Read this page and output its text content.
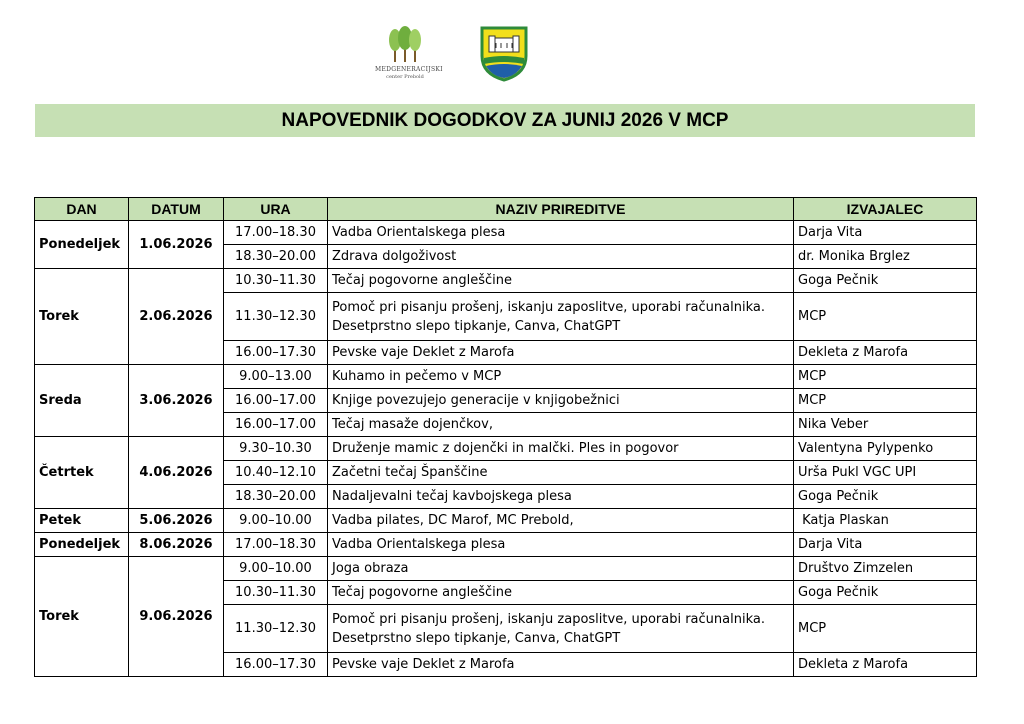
MEDGENERACIJSKI
center Prebold
NAPOVEDNIK DOGODKOV ZA JUNIJ 2026 V MCP
DAN	DATUM	URA	NAZIV PRIREDITVE	IZVAJALEC
Ponedeljek	1.06.2026	17.00–18.30	Vadba Orientalskega plesa	Darja Vita
		18.30–20.00	Zdrava dolgoživost	dr. Monika Brglez
Torek	2.06.2026	10.30–11.30	Tečaj pogovorne angleščine	Goga Pečnik
		11.30–12.30	Pomoč pri pisanju prošenj, iskanju zaposlitve, uporabi računalnika. Desetprstno slepo tipkanje, Canva, ChatGPT	MCP
		16.00–17.30	Pevske vaje Deklet z Marofa	Dekleta z Marofa
Sreda	3.06.2026	9.00–13.00	Kuhamo in pečemo v MCP	MCP
		16.00–17.00	Knjige povezujejo generacije v knjigobežnici	MCP
		16.00–17.00	Tečaj masaže dojenčkov,	Nika Veber
Četrtek	4.06.2026	9.30–10.30	Druženje mamic z dojenčki in malčki. Ples in pogovor	Valentyna Pylypenko
		10.40–12.10	Začetni tečaj Španščine	Urša Pukl VGC UPI
		18.30–20.00	Nadaljevalni tečaj kavbojskega plesa	Goga Pečnik
Petek	5.06.2026	9.00–10.00	Vadba pilates, DC Marof, MC Prebold,	Katja Plaskan
Ponedeljek	8.06.2026	17.00–18.30	Vadba Orientalskega plesa	Darja Vita
Torek	9.06.2026	9.00–10.00	Joga obraza	Društvo Zimzelen
		10.30–11.30	Tečaj pogovorne angleščine	Goga Pečnik
		11.30–12.30	Pomoč pri pisanju prošenj, iskanju zaposlitve, uporabi računalnika. Desetprstno slepo tipkanje, Canva, ChatGPT	MCP
		16.00–17.30	Pevske vaje Deklet z Marofa	Dekleta z Marofa
